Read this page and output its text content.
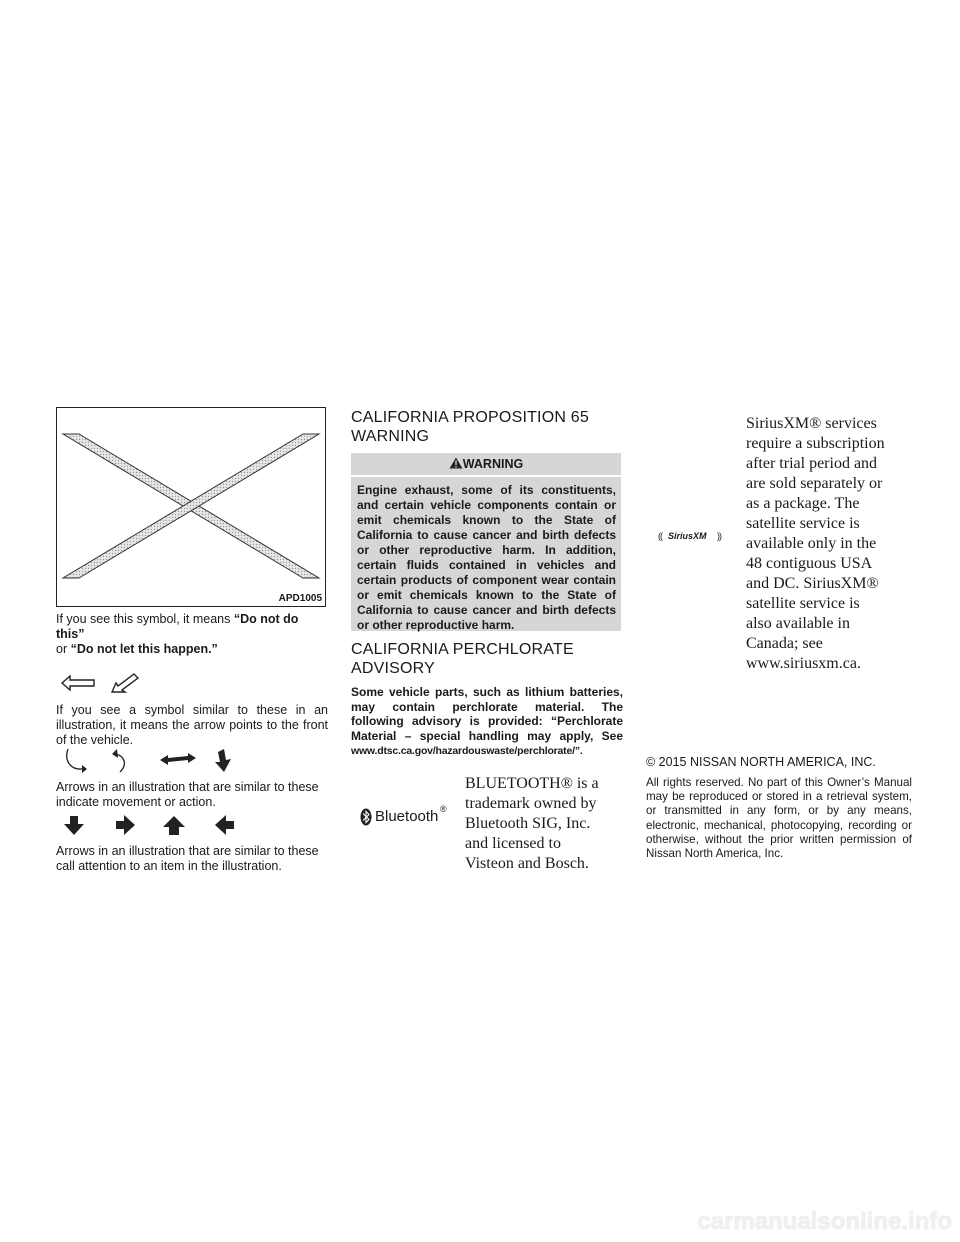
APD1005
If you see this symbol, it means “Do not do this”
or “Do not let this happen.”
If you see a symbol similar to these in an illustration, it means the arrow points to the front of the vehicle.
Arrows in an illustration that are similar to these indicate movement or action.
Arrows in an illustration that are similar to these call attention to an item in the illustration.
CALIFORNIA PROPOSITION 65
WARNING
WARNING
Engine exhaust, some of its constituents, and certain vehicle components contain or emit chemicals known to the State of California to cause cancer and birth defects or other reproductive harm. In addition, certain fluids contained in vehicles and certain products of component wear contain or emit chemicals known to the State of California to cause cancer and birth defects or other reproductive harm.
CALIFORNIA PERCHLORATE
ADVISORY
Some vehicle parts, such as lithium batteries, may contain perchlorate material. The following advisory is provided: “Perchlorate Material – special handling may apply, See www.dtsc.ca.gov/hazardouswaste/perchlorate/”.
Bluetooth ®
BLUETOOTH® is a
trademark owned by
Bluetooth SIG, Inc.
and licensed to
Visteon and Bosch.
(( SiriusXM ))
SiriusXM® services
require a subscription
after trial period and
are sold separately or
as a package. The
satellite service is
available only in the
48 contiguous USA
and DC. SiriusXM®
satellite service is
also available in
Canada; see
www.siriusxm.ca.
© 2015 NISSAN NORTH AMERICA, INC.
All rights reserved. No part of this Owner’s Manual may be reproduced or stored in a retrieval system, or transmitted in any form, or by any means, electronic, mechanical, photocopying, recording or otherwise, without the prior written permission of Nissan North America, Inc.
carmanualsonline.info
